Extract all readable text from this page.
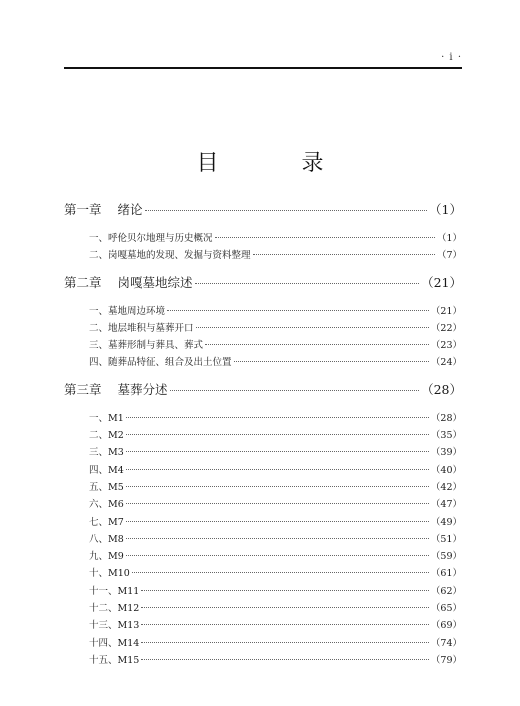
· i ·
目 录
第一章 绪论	（1）
一、呼伦贝尔地理与历史概况	（1）
二、岗嘎墓地的发现、发掘与资料整理	（7）
第二章 岗嘎墓地综述	（21）
一、墓地周边环境	（21）
二、地层堆积与墓葬开口	（22）
三、墓葬形制与葬具、葬式	（23）
四、随葬品特征、组合及出土位置	（24）
第三章 墓葬分述	（28）
一、M1	（28）
二、M2	（35）
三、M3	（39）
四、M4	（40）
五、M5	（42）
六、M6	（47）
七、M7	（49）
八、M8	（51）
九、M9	（59）
十、M10	（61）
十一、M11	（62）
十二、M12	（65）
十三、M13	（69）
十四、M14	（74）
十五、M15	（79）
